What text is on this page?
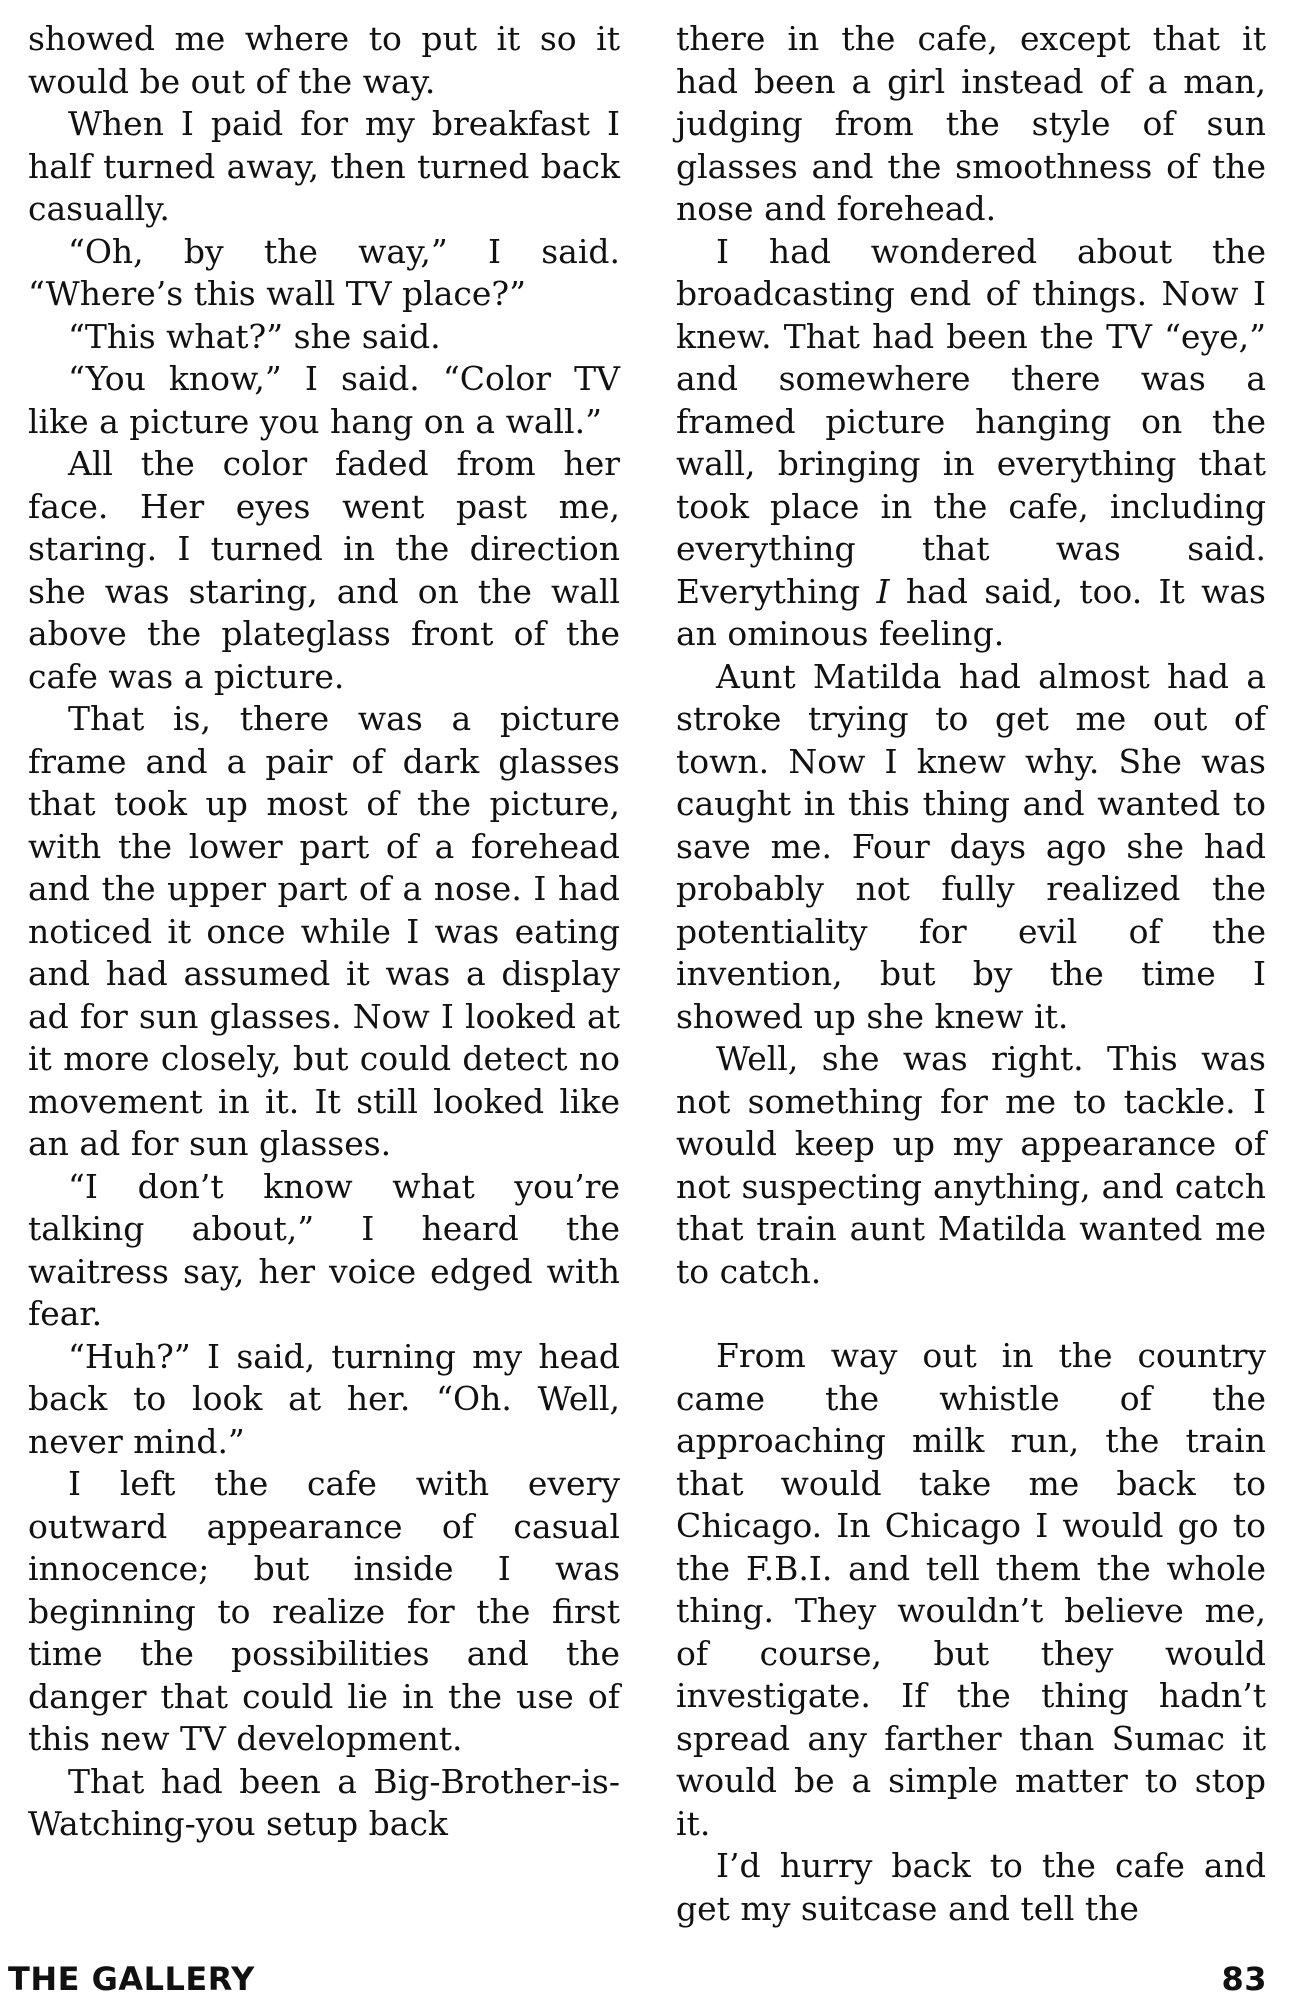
showed me where to put it so it would be out of the way.

When I paid for my breakfast I half turned away, then turned back casually.

“Oh, by the way,” I said. “Where’s this wall TV place?”

“This what?” she said.

“You know,” I said. “Color TV like a picture you hang on a wall.”

All the color faded from her face. Her eyes went past me, staring. I turned in the direction she was staring, and on the wall above the plateglass front of the cafe was a picture.

That is, there was a picture frame and a pair of dark glasses that took up most of the picture, with the lower part of a forehead and the upper part of a nose. I had noticed it once while I was eating and had assumed it was a display ad for sun glasses. Now I looked at it more closely, but could detect no movement in it. It still looked like an ad for sun glasses.

“I don’t know what you’re talking about,” I heard the waitress say, her voice edged with fear.

“Huh?” I said, turning my head back to look at her. “Oh. Well, never mind.”

I left the cafe with every outward appearance of casual innocence; but inside I was beginning to realize for the first time the possibilities and the danger that could lie in the use of this new TV development.

That had been a Big-Brother-is-Watching-you setup back

there in the cafe, except that it had been a girl instead of a man, judging from the style of sun glasses and the smoothness of the nose and forehead.

I had wondered about the broadcasting end of things. Now I knew. That had been the TV “eye,” and somewhere there was a framed picture hanging on the wall, bringing in everything that took place in the cafe, including everything that was said. Everything I had said, too. It was an ominous feeling.

Aunt Matilda had almost had a stroke trying to get me out of town. Now I knew why. She was caught in this thing and wanted to save me. Four days ago she had probably not fully realized the potentiality for evil of the invention, but by the time I showed up she knew it.

Well, she was right. This was not something for me to tackle. I would keep up my appearance of not suspecting anything, and catch that train aunt Matilda wanted me to catch.

From way out in the country came the whistle of the approaching milk run, the train that would take me back to Chicago. In Chicago I would go to the F.B.I. and tell them the whole thing. They wouldn’t believe me, of course, but they would investigate. If the thing hadn’t spread any farther than Sumac it would be a simple matter to stop it.

I’d hurry back to the cafe and get my suitcase and tell the

THE GALLERY	83
